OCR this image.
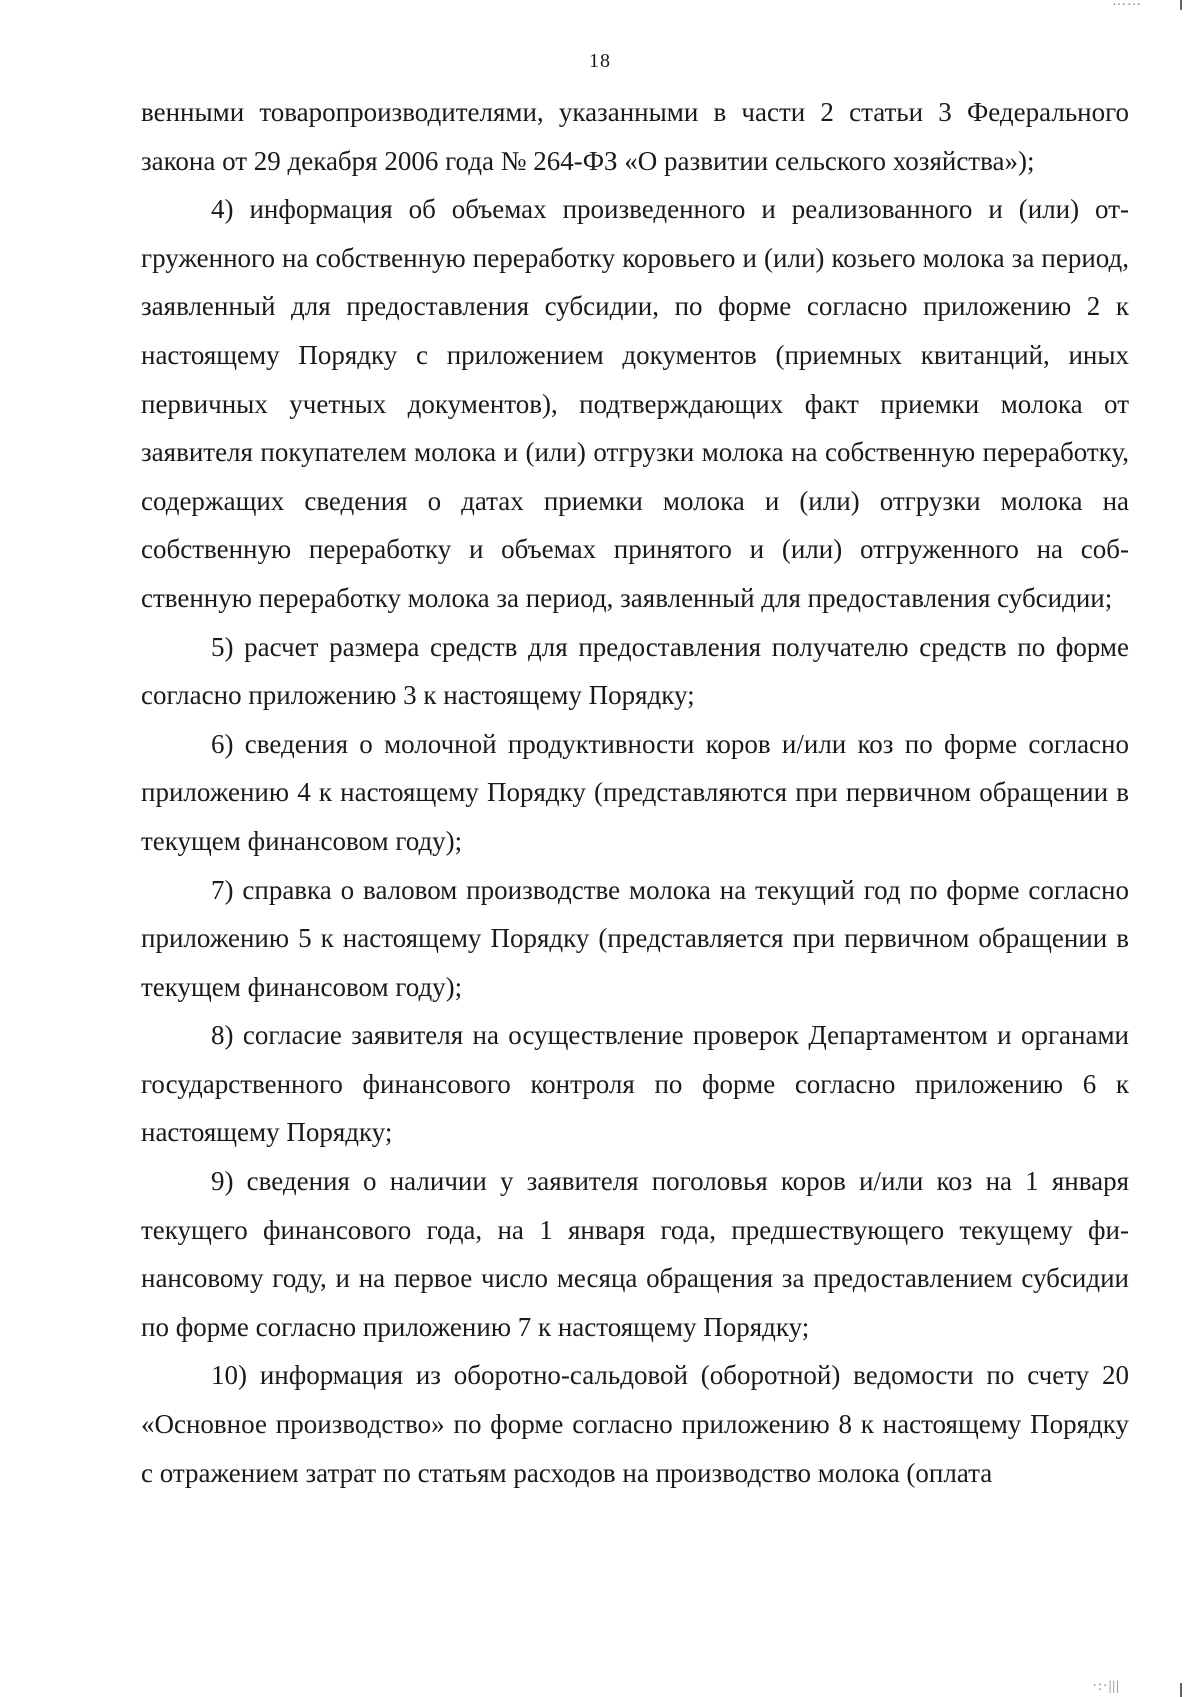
……
18

венными товаропроизводителями, указанными в части 2 статьи 3 Федерального закона от 29 декабря 2006 года № 264-ФЗ «О развитии сельского хозяйства»);

4) информация об объемах произведенного и реализованного и (или) отгруженного на собственную переработку коровьего и (или) козьего молока за период, заявленный для предоставления субсидии, по форме согласно приложению 2 к настоящему Порядку с приложением документов (приемных квитанций, иных первичных учетных документов), подтверждающих факт приемки молока от заявителя покупателем молока и (или) отгрузки молока на собственную переработку, содержащих сведения о датах приемки молока и (или) отгрузки молока на собственную переработку и объемах принятого и (или) отгруженного на собственную переработку молока за период, заявленный для предоставления субсидии;

5) расчет размера средств для предоставления получателю средств по форме согласно приложению 3 к настоящему Порядку;

6) сведения о молочной продуктивности коров и/или коз по форме согласно приложению 4 к настоящему Порядку (представляются при первичном обращении в текущем финансовом году);

7) справка о валовом производстве молока на текущий год по форме согласно приложению 5 к настоящему Порядку (представляется при первичном обращении в текущем финансовом году);

8) согласие заявителя на осуществление проверок Департаментом и органами государственного финансового контроля по форме согласно приложению 6 к настоящему Порядку;

9) сведения о наличии у заявителя поголовья коров и/или коз на 1 января текущего финансового года, на 1 января года, предшествующего текущему финансовому году, и на первое число месяца обращения за предоставлением субсидии по форме согласно приложению 7 к настоящему Порядку;

10) информация из оборотно-сальдовой (оборотной) ведомости по счету 20 «Основное производство» по форме согласно приложению 8 к настоящему Порядку с отражением затрат по статьям расходов на производство молока (оплата

·:·|||
